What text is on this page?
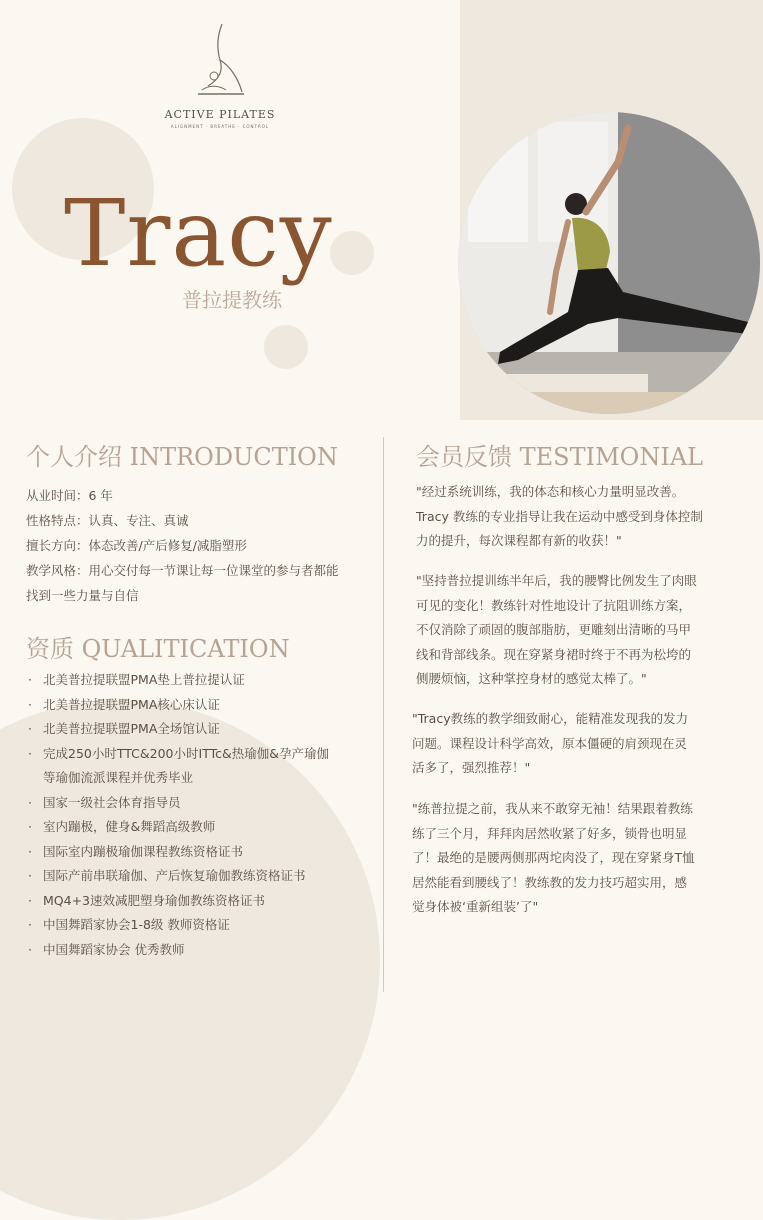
ACTIVE PILATES
ALIGNMENT · BREATHE · CONTROL
Tracy
普拉提教练
个人介绍 INTRODUCTION
从业时间：6 年
性格特点：认真、专注、真诚
擅长方向：体态改善/产后修复/减脂塑形
教学风格：用心交付每一节课让每一位课堂的参与者都能
找到一些力量与自信
资质 QUALITICATION
· 北美普拉提联盟PMA垫上普拉提认证
· 北美普拉提联盟PMA核心床认证
· 北美普拉提联盟PMA全场馆认证
· 完成250小时TTC&200小时ITTc&热瑜伽&孕产瑜伽
等瑜伽流派课程并优秀毕业
· 国家一级社会体育指导员
· 室内蹦极，健身&舞蹈高级教师
· 国际室内蹦极瑜伽课程教练资格证书
· 国际产前串联瑜伽、产后恢复瑜伽教练资格证书
· MQ4+3速效减肥塑身瑜伽教练资格证书
· 中国舞蹈家协会1-8级 教师资格证
· 中国舞蹈家协会 优秀教师
会员反馈 TESTIMONIAL
"经过系统训练，我的体态和核心力量明显改善。
Tracy 教练的专业指导让我在运动中感受到身体控制
力的提升，每次课程都有新的收获！"
"坚持普拉提训练半年后，我的腰臀比例发生了肉眼
可见的变化！教练针对性地设计了抗阻训练方案，
不仅消除了顽固的腹部脂肪，更雕刻出清晰的马甲
线和背部线条。现在穿紧身裙时终于不再为松垮的
侧腰烦恼，这种掌控身材的感觉太棒了。"
"Tracy教练的教学细致耐心，能精准发现我的发力
问题。课程设计科学高效，原本僵硬的肩颈现在灵
活多了，强烈推荐！"
"练普拉提之前，我从来不敢穿无袖！结果跟着教练
练了三个月，拜拜肉居然收紧了好多，锁骨也明显
了！最绝的是腰两侧那两坨肉没了，现在穿紧身T恤
居然能看到腰线了！教练教的发力技巧超实用，感
觉身体被‘重新组装’了"
